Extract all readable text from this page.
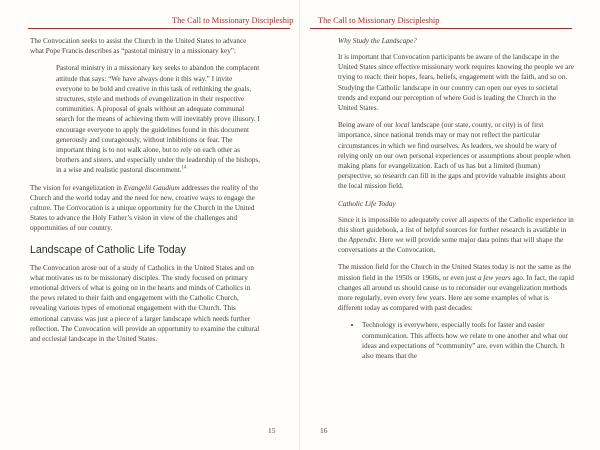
The Call to Missionary Discipleship

The Convocation seeks to assist the Church in the United States to advance what Pope Francis describes as “pastoral ministry in a missionary key”:

Pastoral ministry in a missionary key seeks to abandon the complacent attitude that says: “We have always done it this way.” I invite everyone to be bold and creative in this task of rethinking the goals, structures, style and methods of evangelization in their respective communities. A proposal of goals without an adequate communal search for the means of achieving them will inevitably prove illusory. I encourage everyone to apply the guidelines found in this document generously and courageously, without inhibitions or fear. The important thing is to not walk alone, but to rely on each other as brothers and sisters, and especially under the leadership of the bishops, in a wise and realistic pastoral discernment.$^{14}$

The vision for evangelization in Evangelii Gaudium addresses the reality of the Church and the world today and the need for new, creative ways to engage the culture. The Convocation is a unique opportunity for the Church in the United States to advance the Holy Father’s vision in view of the challenges and opportunities of our country.

Landscape of Catholic Life Today

The Convocation arose out of a study of Catholics in the United States and on what motivates us to be missionary disciples. The study focused on primary emotional drivers of what is going on in the hearts and minds of Catholics in the pews related to their faith and engagement with the Catholic Church, revealing various types of emotional engagement with the Church. This emotional canvass was just a piece of a larger landscape which needs further reflection. The Convocation will provide an opportunity to examine the cultural and ecclesial landscape in the United States.

15
The Call to Missionary Discipleship
Why Study the Landscape?

It is important that Convocation participants be aware of the landscape in the United States since effective missionary work requires knowing the people we are trying to reach: their hopes, fears, beliefs, engagement with the faith, and so on. Studying the Catholic landscape in our country can open our eyes to societal trends and expand our perception of where God is leading the Church in the United States.

Being aware of our local landscape (our state, county, or city) is of first importance, since national trends may or may not reflect the particular circumstances in which we find ourselves. As leaders, we should be wary of relying only on our own personal experiences or assumptions about people when making plans for evangelization. Each of us has but a limited (human) perspective, so research can fill in the gaps and provide valuable insights about the local mission field.

Catholic Life Today

Since it is impossible to adequately cover all aspects of the Catholic experience in this short guidebook, a list of helpful sources for further research is available in the Appendix. Here we will provide some major data points that will shape the conversations at the Convocation.

The mission field for the Church in the United States today is not the same as the mission field in the 1950s or 1960s, or even just a few years ago. In fact, the rapid changes all around us should cause us to reconsider our evangelization methods more regularly, even every few years. Here are some examples of what is different today as compared with past decades:

• Technology is everywhere, especially tools for faster and easier communication. This affects how we relate to one another and what our ideas and expectations of “community” are, even within the Church. It also means that the
16
